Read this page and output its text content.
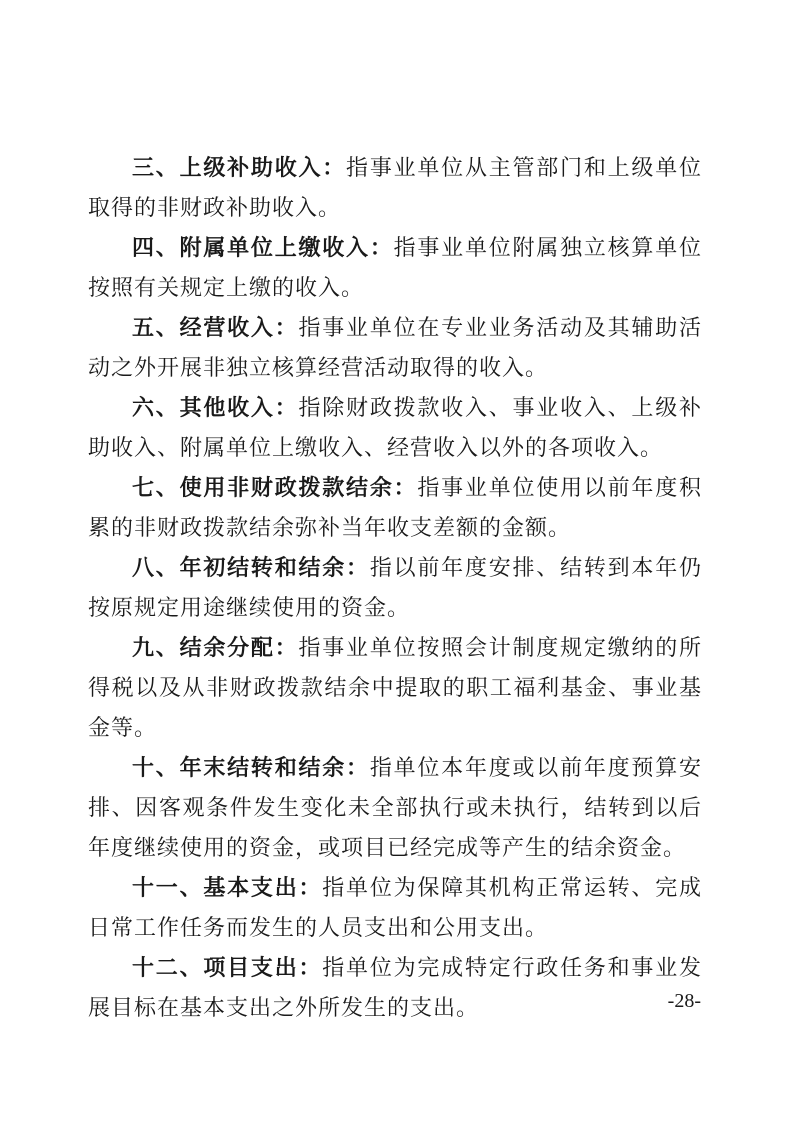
三、上级补助收入：指事业单位从主管部门和上级单位取得的非财政补助收入。

四、附属单位上缴收入：指事业单位附属独立核算单位按照有关规定上缴的收入。

五、经营收入：指事业单位在专业业务活动及其辅助活动之外开展非独立核算经营活动取得的收入。

六、其他收入：指除财政拨款收入、事业收入、上级补助收入、附属单位上缴收入、经营收入以外的各项收入。

七、使用非财政拨款结余：指事业单位使用以前年度积累的非财政拨款结余弥补当年收支差额的金额。

八、年初结转和结余：指以前年度安排、结转到本年仍按原规定用途继续使用的资金。

九、结余分配：指事业单位按照会计制度规定缴纳的所得税以及从非财政拨款结余中提取的职工福利基金、事业基金等。

十、年末结转和结余：指单位本年度或以前年度预算安排、因客观条件发生变化未全部执行或未执行，结转到以后年度继续使用的资金，或项目已经完成等产生的结余资金。

十一、基本支出：指单位为保障其机构正常运转、完成日常工作任务而发生的人员支出和公用支出。

十二、项目支出：指单位为完成特定行政任务和事业发展目标在基本支出之外所发生的支出。	-28-
